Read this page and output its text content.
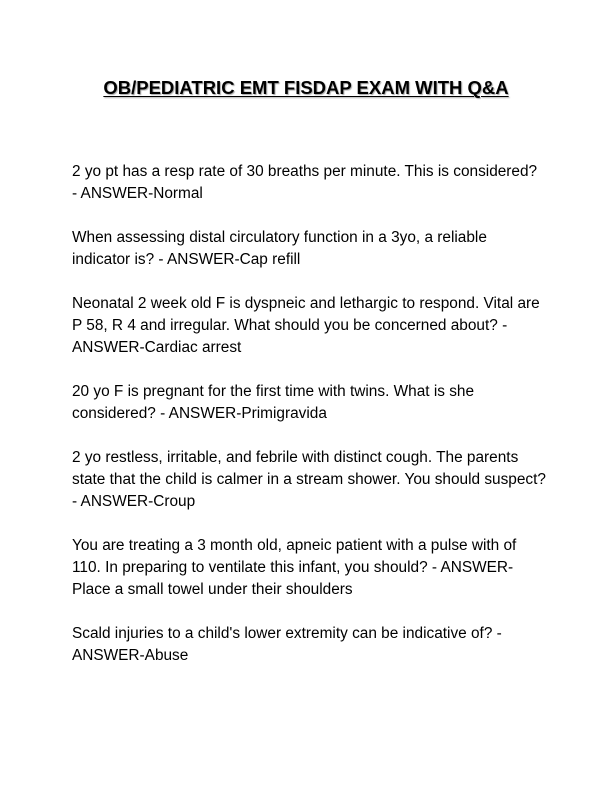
OB/PEDIATRIC EMT FISDAP EXAM WITH Q&A
2 yo pt has a resp rate of 30 breaths per minute. This is considered? - ANSWER-Normal
When assessing distal circulatory function in a 3yo, a reliable indicator is? - ANSWER-Cap refill
Neonatal 2 week old F is dyspneic and lethargic to respond. Vital are P 58, R 4 and irregular. What should you be concerned about? - ANSWER-Cardiac arrest
20 yo F is pregnant for the first time with twins. What is she considered? - ANSWER-Primigravida
2 yo restless, irritable, and febrile with distinct cough. The parents state that the child is calmer in a stream shower. You should suspect? - ANSWER-Croup
You are treating a 3 month old, apneic patient with a pulse with of 110. In preparing to ventilate this infant, you should? - ANSWER-Place a small towel under their shoulders
Scald injuries to a child's lower extremity can be indicative of? - ANSWER-Abuse
